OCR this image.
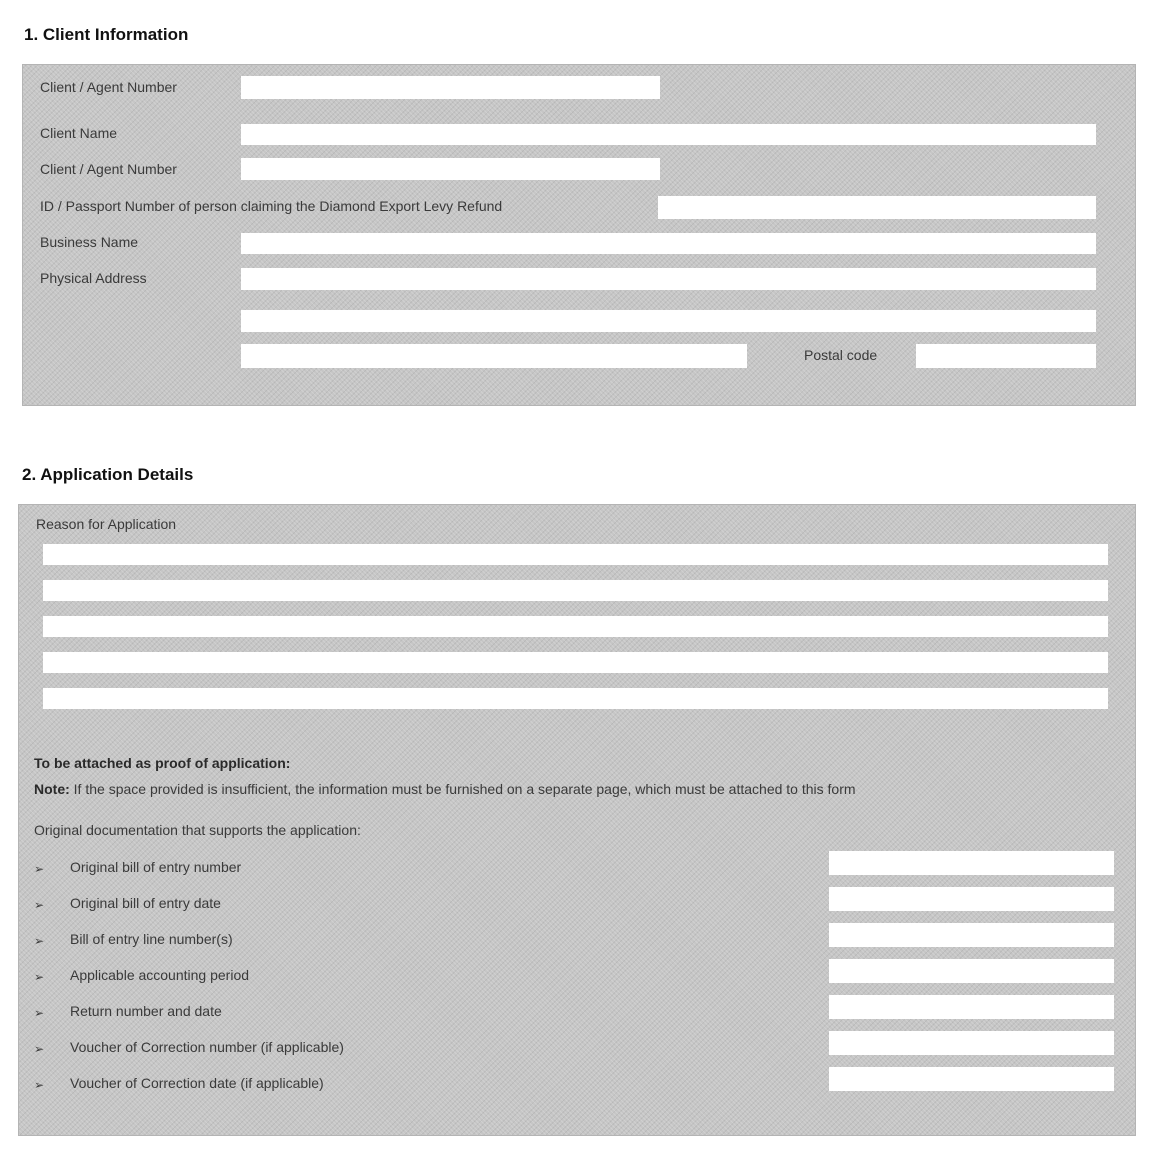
1. Client Information
Client / Agent Number
Client Name
Client / Agent Number
ID / Passport Number of person claiming the Diamond Export Levy Refund
Business Name
Physical Address
Postal code
2. Application Details
Reason for Application
To be attached as proof of application:
Note: If the space provided is insufficient, the information must be furnished on a separate page, which must be attached to this form
Original documentation that supports the application:
➢ Original bill of entry number
➢ Original bill of entry date
➢ Bill of entry line number(s)
➢ Applicable accounting period
➢ Return number and date
➢ Voucher of Correction number (if applicable)
➢ Voucher of Correction date (if applicable)
